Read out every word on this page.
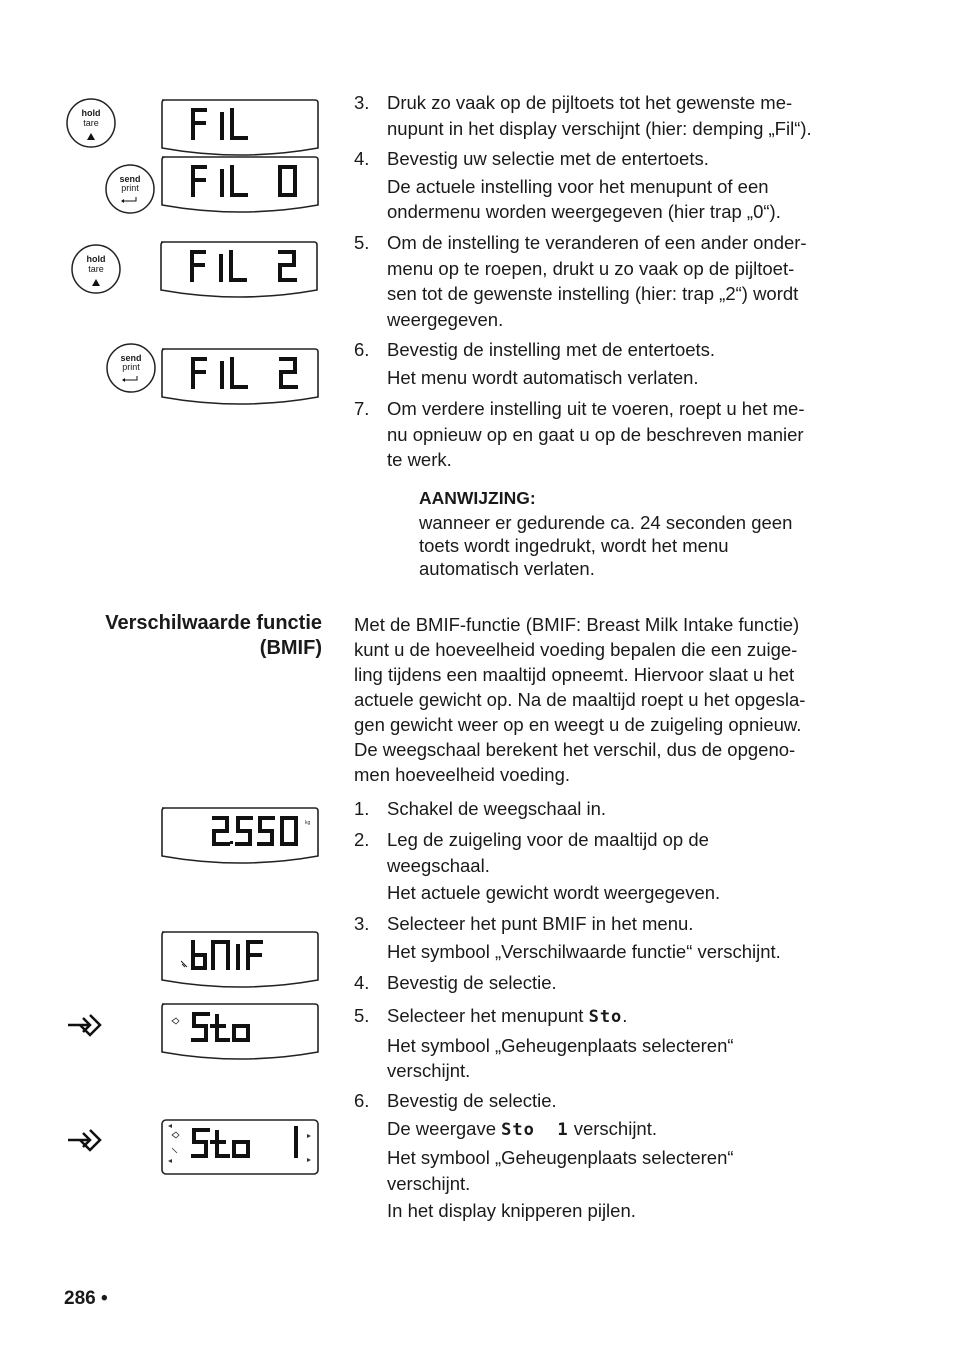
kg
hold
tare
send
print
hold
tare
send
print
3. Druk zo vaak op de pijltoets tot het gewenste me-
nupunt in het display verschijnt (hier: demping „Fil“).
4. Bevestig uw selectie met de entertoets.
De actuele instelling voor het menupunt of een
ondermenu worden weergegeven (hier trap „0“).
5. Om de instelling te veranderen of een ander onder-
menu op te roepen, drukt u zo vaak op de pijltoet-
sen tot de gewenste instelling (hier: trap „2“) wordt
weergegeven.
6. Bevestig de instelling met de entertoets.
Het menu wordt automatisch verlaten.
7. Om verdere instelling uit te voeren, roept u het me-
nu opnieuw op en gaat u op de beschreven manier
te werk.
AANWIJZING:
wanneer er gedurende ca. 24 seconden geen
toets wordt ingedrukt, wordt het menu
automatisch verlaten.
Verschilwaarde functie
(BMIF)
Met de BMIF-functie (BMIF: Breast Milk Intake functie)
kunt u de hoeveelheid voeding bepalen die een zuige-
ling tijdens een maaltijd opneemt. Hiervoor slaat u het
actuele gewicht op. Na de maaltijd roept u het opgesla-
gen gewicht weer op en weegt u de zuigeling opnieuw.
De weegschaal berekent het verschil, dus de opgeno-
men hoeveelheid voeding.
1. Schakel de weegschaal in.
2. Leg de zuigeling voor de maaltijd op de
weegschaal.
Het actuele gewicht wordt weergegeven.
3. Selecteer het punt BMIF in het menu.
Het symbool „Verschilwaarde functie“ verschijnt.
4. Bevestig de selectie.
5. Selecteer het menupunt Sto.
Het symbool „Geheugenplaats selecteren“
verschijnt.
6. Bevestig de selectie.
De weergave Sto  1 verschijnt.
Het symbool „Geheugenplaats selecteren“
verschijnt.
In het display knipperen pijlen.
286 •
